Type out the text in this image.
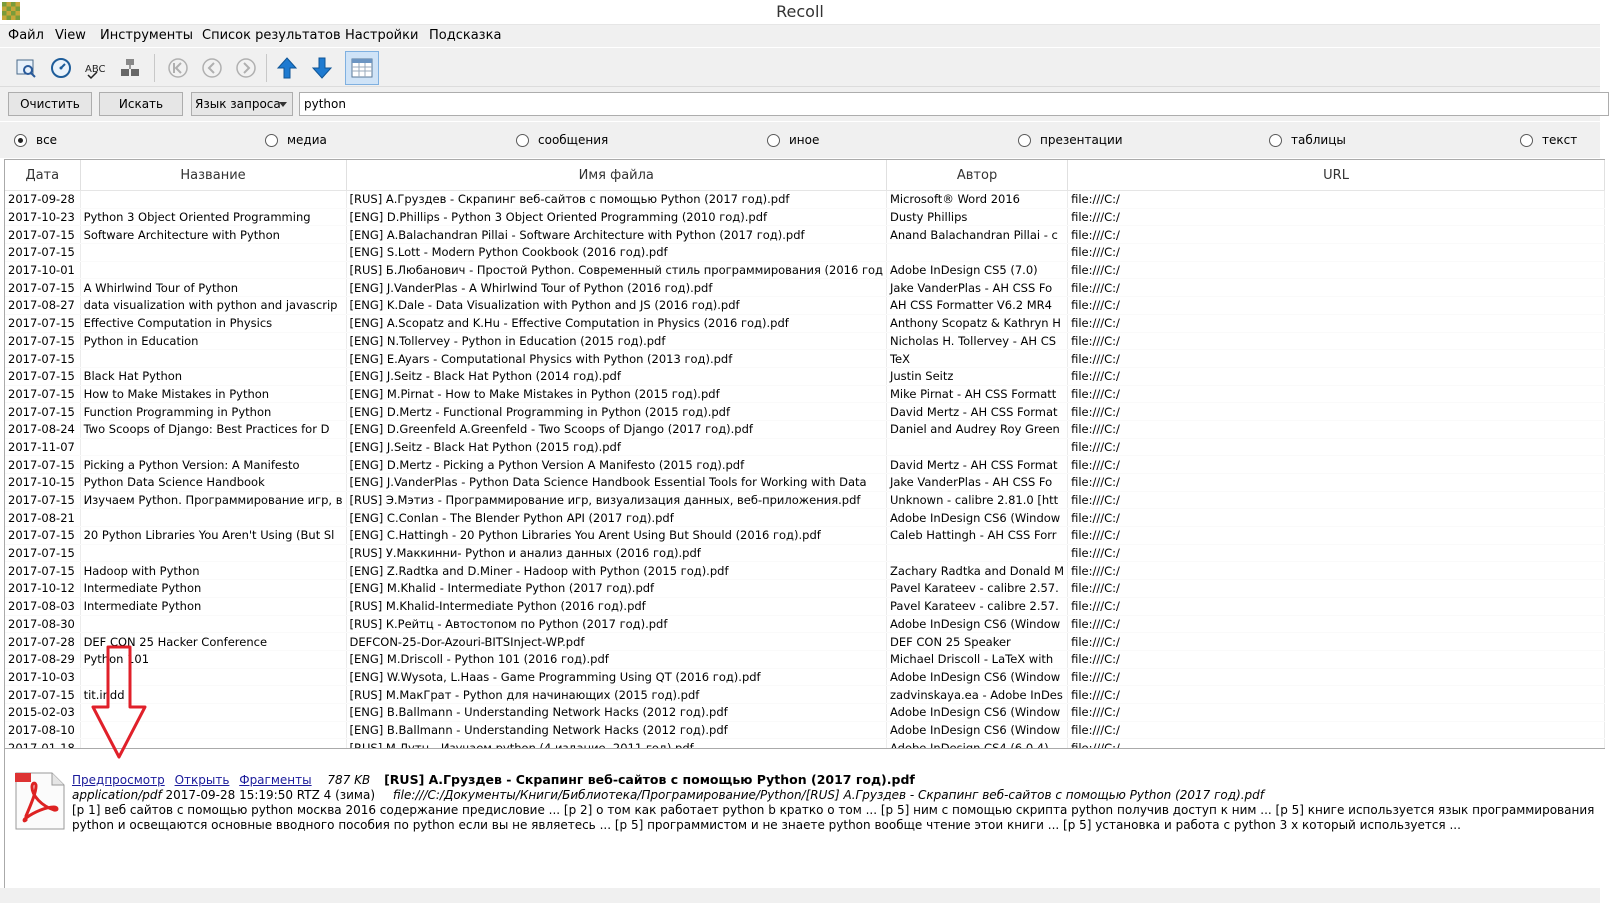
Recoll
Файл View Инструменты Список результатов Настройки Подсказка
ABC
Очистить	Искать	Язык запроса	python
все	медиа	сообщения	иное	презентации	таблицы	текст
Дата	Название	Имя файла	Автор	URL
2017-09-28		[RUS] А.Груздев - Скрапинг веб-сайтов с помощью Python (2017 год).pdf	Microsoft® Word 2016	file:///C:/
2017-10-23	Python 3 Object Oriented Programming	[ENG] D.Phillips - Python 3 Object Oriented Programming (2010 год).pdf	Dusty Phillips	file:///C:/
2017-07-15	Software Architecture with Python	[ENG] A.Balachandran Pillai - Software Architecture with Python (2017 год).pdf	Anand Balachandran Pillai - c	file:///C:/
2017-07-15		[ENG] S.Lott - Modern Python Cookbook (2016 год).pdf		file:///C:/
2017-10-01		[RUS] Б.Любанович - Простой Python. Современный стиль программирования (2016 год	Adobe InDesign CS5 (7.0)	file:///C:/
2017-07-15	A Whirlwind Tour of Python	[ENG] J.VanderPlas - A Whirlwind Tour of Python (2016 год).pdf	Jake VanderPlas - AH CSS Fo	file:///C:/
2017-08-27	data visualization with python and javascrip	[ENG] K.Dale - Data Visualization with Python and JS (2016 год).pdf	AH CSS Formatter V6.2 MR4	file:///C:/
2017-07-15	Effective Computation in Physics	[ENG] A.Scopatz and K.Hu - Effective Computation in Physics (2016 год).pdf	Anthony Scopatz & Kathryn H	file:///C:/
2017-07-15	Python in Education	[ENG] N.Tollervey - Python in Education (2015 год).pdf	Nicholas H. Tollervey - AH CS	file:///C:/
2017-07-15		[ENG] E.Ayars - Computational Physics with Python (2013 год).pdf	TeX	file:///C:/
2017-07-15	Black Hat Python	[ENG] J.Seitz - Black Hat Python (2014 год).pdf	Justin Seitz	file:///C:/
2017-07-15	How to Make Mistakes in Python	[ENG] M.Pirnat - How to Make Mistakes in Python (2015 год).pdf	Mike Pirnat - AH CSS Formatt	file:///C:/
2017-07-15	Function Programming in Python	[ENG] D.Mertz - Functional Programming in Python (2015 год).pdf	David Mertz - AH CSS Format	file:///C:/
2017-08-24	Two Scoops of Django: Best Practices for D	[ENG] D.Greenfeld A.Greenfeld - Two Scoops of Django (2017 год).pdf	Daniel and Audrey Roy Green	file:///C:/
2017-11-07		[ENG] J.Seitz - Black Hat Python (2015 год).pdf		file:///C:/
2017-07-15	Picking a Python Version: A Manifesto	[ENG] D.Mertz - Picking a Python Version A Manifesto (2015 год).pdf	David Mertz - AH CSS Format	file:///C:/
2017-10-15	Python Data Science Handbook	[ENG] J.VanderPlas - Python Data Science Handbook Essential Tools for Working with Data	Jake VanderPlas - AH CSS Fo	file:///C:/
2017-07-15	Изучаем Python. Программирование игр, в	[RUS] Э.Мэтиз - Программирование игр, визуализация данных, веб-приложения.pdf	Unknown - calibre 2.81.0 [htt	file:///C:/
2017-08-21		[ENG] C.Conlan - The Blender Python API (2017 год).pdf	Adobe InDesign CS6 (Window	file:///C:/
2017-07-15	20 Python Libraries You Aren't Using (But Sl	[ENG] C.Hattingh - 20 Python Libraries You Arent Using But Should (2016 год).pdf	Caleb Hattingh - AH CSS Forr	file:///C:/
2017-07-15		[RUS] У.Маккинни- Python и анализ данных (2016 год).pdf		file:///C:/
2017-07-15	Hadoop with Python	[ENG] Z.Radtka and D.Miner - Hadoop with Python (2015 год).pdf	Zachary Radtka and Donald M	file:///C:/
2017-10-12	Intermediate Python	[ENG] M.Khalid - Intermediate Python (2017 год).pdf	Pavel Karateev - calibre 2.57.	file:///C:/
2017-08-03	Intermediate Python	[RUS] M.Khalid-Intermediate Python (2016 год).pdf	Pavel Karateev - calibre 2.57.	file:///C:/
2017-08-30		[RUS] К.Рейтц - Автостопом по Python (2017 год).pdf	Adobe InDesign CS6 (Window	file:///C:/
2017-07-28	DEF CON 25 Hacker Conference	DEFCON-25-Dor-Azouri-BITSInject-WP.pdf	DEF CON 25 Speaker	file:///C:/
2017-08-29	Python 101	[ENG] M.Driscoll - Python 101 (2016 год).pdf	Michael Driscoll - LaTeX with	file:///C:/
2017-10-03		[ENG] W.Wysota, L.Haas - Game Programming Using QT (2016 год).pdf	Adobe InDesign CS6 (Window	file:///C:/
2017-07-15	tit.indd	[RUS] М.МакГрат - Python для начинающих (2015 год).pdf	zadvinskaya.ea - Adobe InDes	file:///C:/
2015-02-03		[ENG] B.Ballmann - Understanding Network Hacks (2012 год).pdf	Adobe InDesign CS6 (Window	file:///C:/
2017-08-10		[ENG] B.Ballmann - Understanding Network Hacks (2012 год).pdf	Adobe InDesign CS6 (Window	file:///C:/

Предпросмотр Открыть Фрагменты 787 KB [RUS] А.Груздев - Скрапинг веб-сайтов с помощью Python (2017 год).pdf
application/pdf 2017-09-28 15:19:50 RTZ 4 (зима) file:///C:/Документы/Книги/Библиотека/Програмирование/Python/[RUS] А.Груздев - Скрапинг веб-сайтов с помощью Python (2017 год).pdf
[p 1] веб сайтов с помощью python москва 2016 содержание предисловие ... [p 2] о том как работает python b кратко о том ... [p 5] ним с помощью скрипта python получив доступ к ним ... [p 5] книге используется язык программирования python и освещаются основные вводного пособия по python если вы не являетесь ... [p 5] программистом и не знаете python вообще чтение этои книги ... [p 5] установка и работа с python 3 x который используется ...
